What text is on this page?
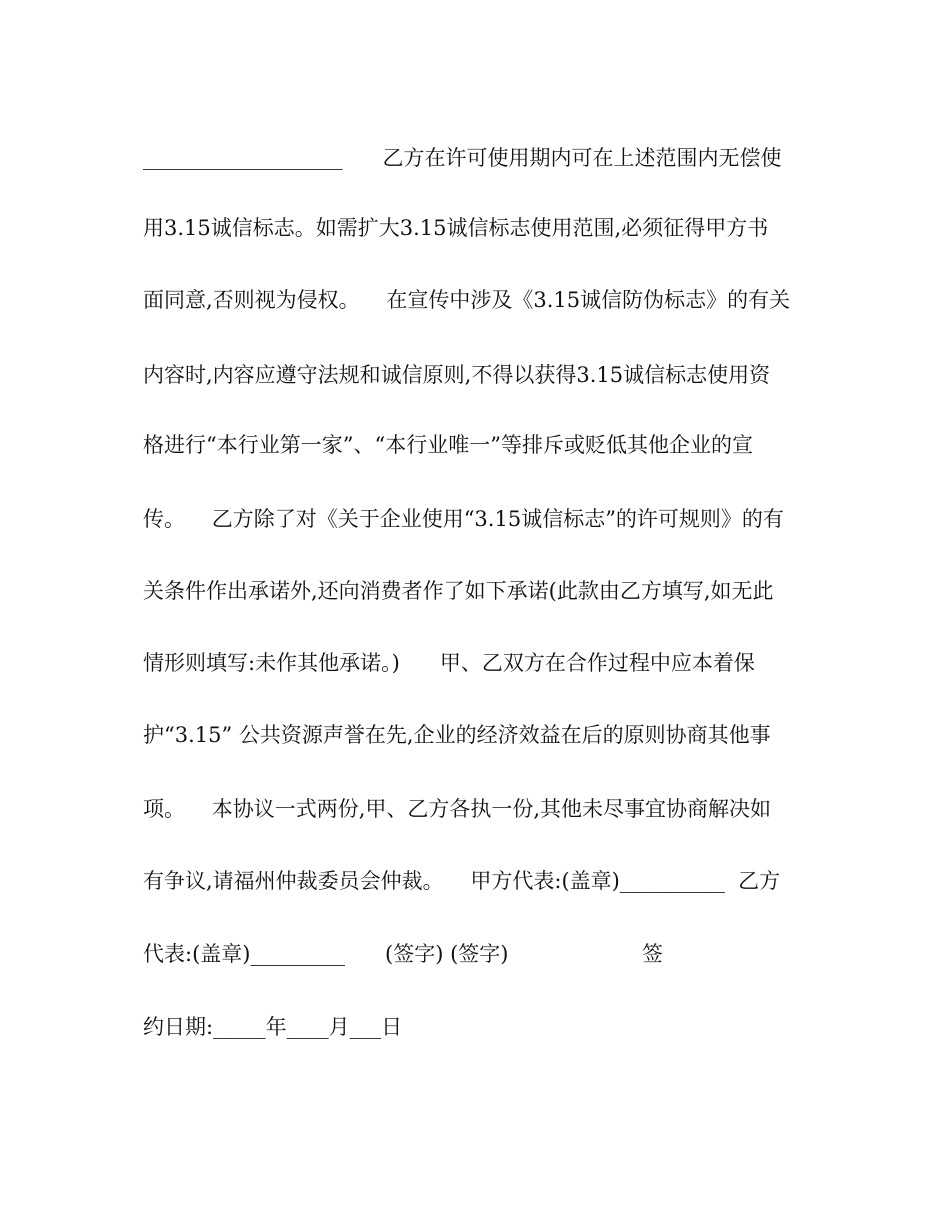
___________________      乙方在许可使用期内可在上述范围内无偿使
用3.15诚信标志。如需扩大3.15诚信标志使用范围,必须征得甲方书
面同意,否则视为侵权。    在宣传中涉及《3.15诚信防伪标志》的有关
内容时,内容应遵守法规和诚信原则,不得以获得3.15诚信标志使用资
格进行“本行业第一家”、“本行业唯一”等排斥或贬低其他企业的宣
传。    乙方除了对《关于企业使用“3.15诚信标志”的许可规则》的有
关条件作出承诺外,还向消费者作了如下承诺(此款由乙方填写,如无此
情形则填写:未作其他承诺。)      甲、乙双方在合作过程中应本着保
护“3.15” 公共资源声誉在先,企业的经济效益在后的原则协商其他事
项。    本协议一式两份,甲、乙方各执一份,其他未尽事宜协商解决如
有争议,请福州仲裁委员会仲裁。    甲方代表:(盖章)__________  乙方
代表:(盖章)_________      (签字) (签字)                    签
约日期:_____年____月___日
